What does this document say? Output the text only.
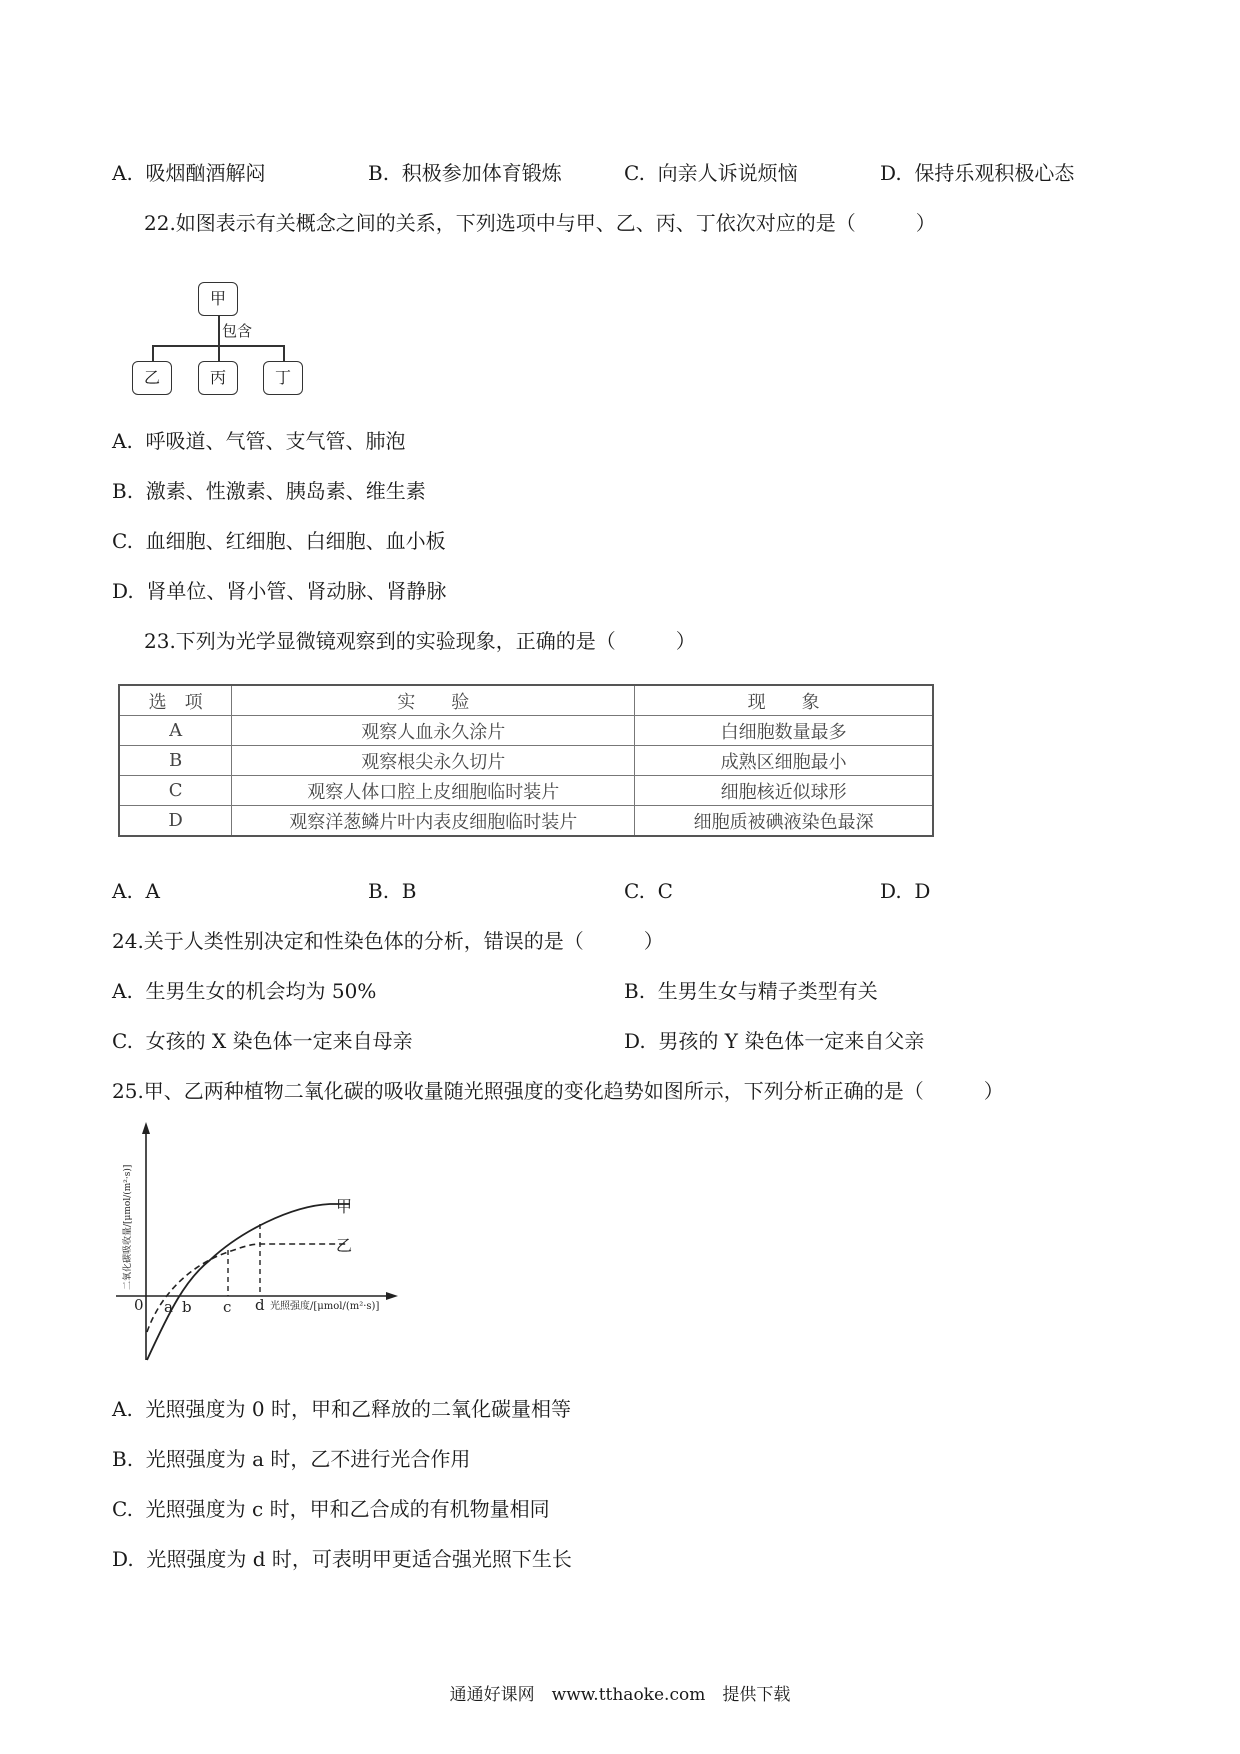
A. 吸烟酗酒解闷	B. 积极参加体育锻炼	C. 向亲人诉说烦恼	D. 保持乐观积极心态
22.如图表示有关概念之间的关系，下列选项中与甲、乙、丙、丁依次对应的是（　　　）
甲
包含
乙	丙	丁
A. 呼吸道、气管、支气管、肺泡
B. 激素、性激素、胰岛素、维生素
C. 血细胞、红细胞、白细胞、血小板
D. 肾单位、肾小管、肾动脉、肾静脉
23.下列为光学显微镜观察到的实验现象，正确的是（　　　）
选　项	实　　验	现　　象
A	观察人血永久涂片	白细胞数量最多
B	观察根尖永久切片	成熟区细胞最小
C	观察人体口腔上皮细胞临时装片	细胞核近似球形
D	观察洋葱鳞片叶内表皮细胞临时装片	细胞质被碘液染色最深
A. A	B. B	C. C	D. D
24.关于人类性别决定和性染色体的分析，错误的是（　　　）
A. 生男生女的机会均为 50%	B. 生男生女与精子类型有关
C. 女孩的 X 染色体一定来自母亲	D. 男孩的 Y 染色体一定来自父亲
25.甲、乙两种植物二氧化碳的吸收量随光照强度的变化趋势如图所示，下列分析正确的是（　　　）
0 a b c d 光照强度/[μmol/(m²·s)]
二氧化碳吸收量/[μmol/(m²·s)]	甲
乙
A. 光照强度为 0 时，甲和乙释放的二氧化碳量相等
B. 光照强度为 a 时，乙不进行光合作用
C. 光照强度为 c 时，甲和乙合成的有机物量相同
D. 光照强度为 d 时，可表明甲更适合强光照下生长
通通好课网　www.tthaoke.com　提供下载
